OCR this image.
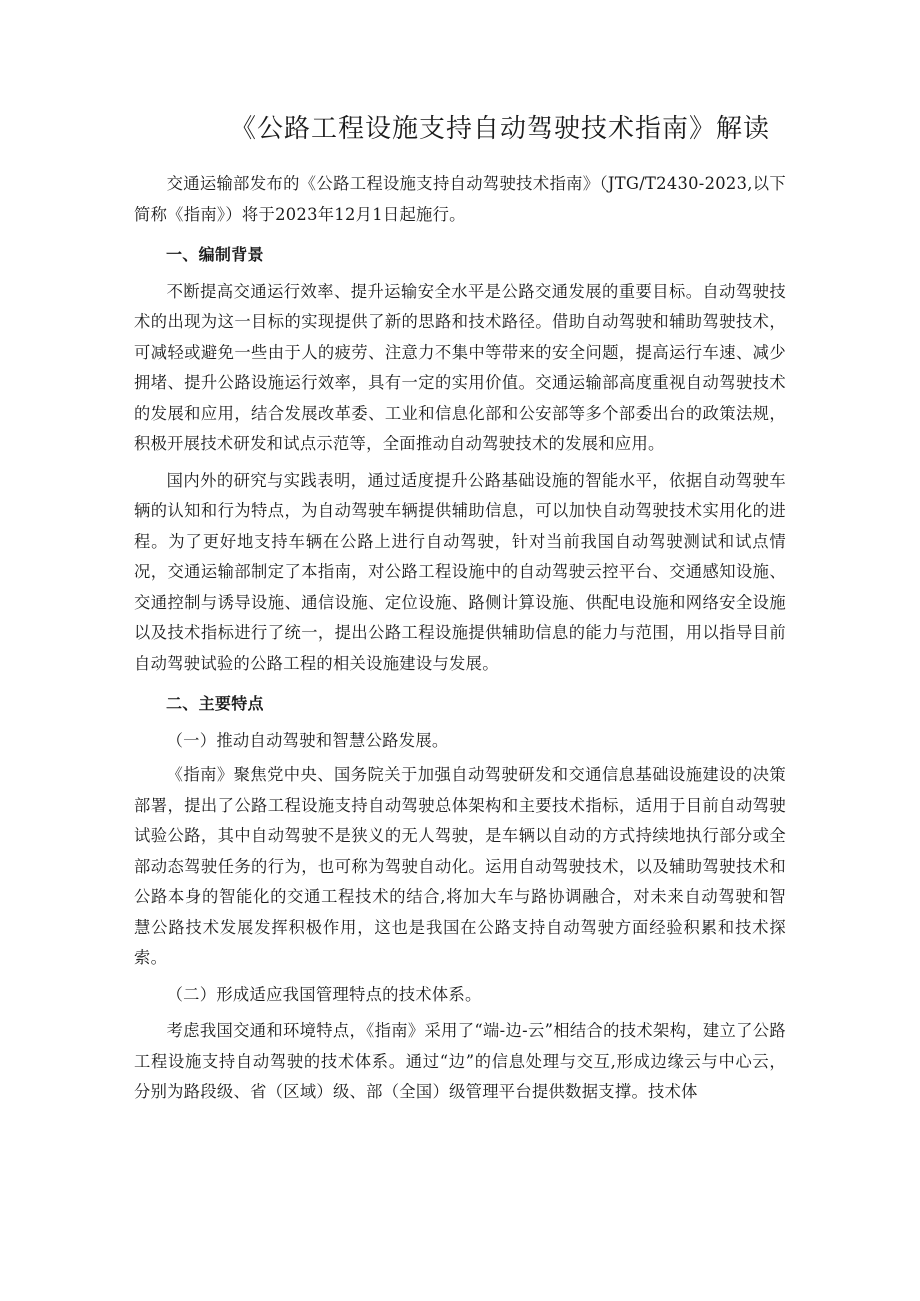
《公路工程设施支持自动驾驶技术指南》解读

交通运输部发布的《公路工程设施支持自动驾驶技术指南》（JTG/T2430-2023,以下简称《指南》）将于2023年12月1日起施行。

一、编制背景

不断提高交通运行效率、提升运输安全水平是公路交通发展的重要目标。自动驾驶技术的出现为这一目标的实现提供了新的思路和技术路径。借助自动驾驶和辅助驾驶技术，可减轻或避免一些由于人的疲劳、注意力不集中等带来的安全问题，提高运行车速、减少拥堵、提升公路设施运行效率，具有一定的实用价值。交通运输部高度重视自动驾驶技术的发展和应用，结合发展改革委、工业和信息化部和公安部等多个部委出台的政策法规，积极开展技术研发和试点示范等，全面推动自动驾驶技术的发展和应用。

国内外的研究与实践表明，通过适度提升公路基础设施的智能水平，依据自动驾驶车辆的认知和行为特点，为自动驾驶车辆提供辅助信息，可以加快自动驾驶技术实用化的进程。为了更好地支持车辆在公路上进行自动驾驶，针对当前我国自动驾驶测试和试点情况，交通运输部制定了本指南，对公路工程设施中的自动驾驶云控平台、交通感知设施、交通控制与诱导设施、通信设施、定位设施、路侧计算设施、供配电设施和网络安全设施以及技术指标进行了统一，提出公路工程设施提供辅助信息的能力与范围，用以指导目前自动驾驶试验的公路工程的相关设施建设与发展。

二、主要特点

（一）推动自动驾驶和智慧公路发展。

《指南》聚焦党中央、国务院关于加强自动驾驶研发和交通信息基础设施建设的决策部署，提出了公路工程设施支持自动驾驶总体架构和主要技术指标，适用于目前自动驾驶试验公路，其中自动驾驶不是狭义的无人驾驶，是车辆以自动的方式持续地执行部分或全部动态驾驶任务的行为，也可称为驾驶自动化。运用自动驾驶技术，以及辅助驾驶技术和公路本身的智能化的交通工程技术的结合,将加大车与路协调融合，对未来自动驾驶和智慧公路技术发展发挥积极作用，这也是我国在公路支持自动驾驶方面经验积累和技术探索。

（二）形成适应我国管理特点的技术体系。

考虑我国交通和环境特点，《指南》采用了“端-边-云”相结合的技术架构，建立了公路工程设施支持自动驾驶的技术体系。通过“边”的信息处理与交互,形成边缘云与中心云，分别为路段级、省（区域）级、部（全国）级管理平台提供数据支撑。技术体
